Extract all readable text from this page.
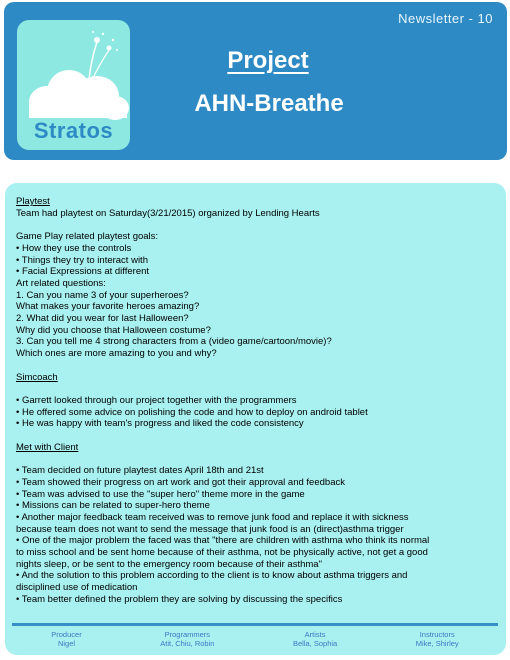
Newsletter - 10
Stratos
Project
AHN-Breathe
Playtest
Team had playtest on Saturday(3/21/2015) organized by Lending Hearts
Game Play related playtest goals:
• How they use the controls
• Things they try to interact with
• Facial Expressions at different
Art related questions:
1. Can you name 3 of your superheroes?
What makes your favorite heroes amazing?
2. What did you wear for last Halloween?
Why did you choose that Halloween costume?
3. Can you tell me 4 strong characters from a (video game/cartoon/movie)?
Which ones are more amazing to you and why?
Simcoach
• Garrett looked through our project together with the programmers
• He offered some advice on polishing the code and how to deploy on android tablet
• He was happy with team's progress and liked the code consistency
Met with Client
• Team decided on future playtest dates April 18th and 21st
• Team showed their progress on art work and got their approval and feedback
• Team was advised to use the "super hero" theme more in the game
• Missions can be related to super-hero theme
• Another major feedback team received was to remove junk food and replace it with sickness
because team does not want to send the message that junk food is an (direct)asthma trigger
• One of the major problem the faced was that "there are children with asthma who think its normal
to miss school and be sent home because of their asthma, not be physically active, not get a good
nights sleep, or be sent to the emergency room because of their asthma"
• And the solution to this problem according to the client is to know about asthma triggers and
disciplined use of medication
• Team better defined the problem they are solving by discussing the specifics
Producer
Nigel
Programmers
Atit, Chiu, Robin
Artists
Bella, Sophia
Instructors
Mike, Shirley
